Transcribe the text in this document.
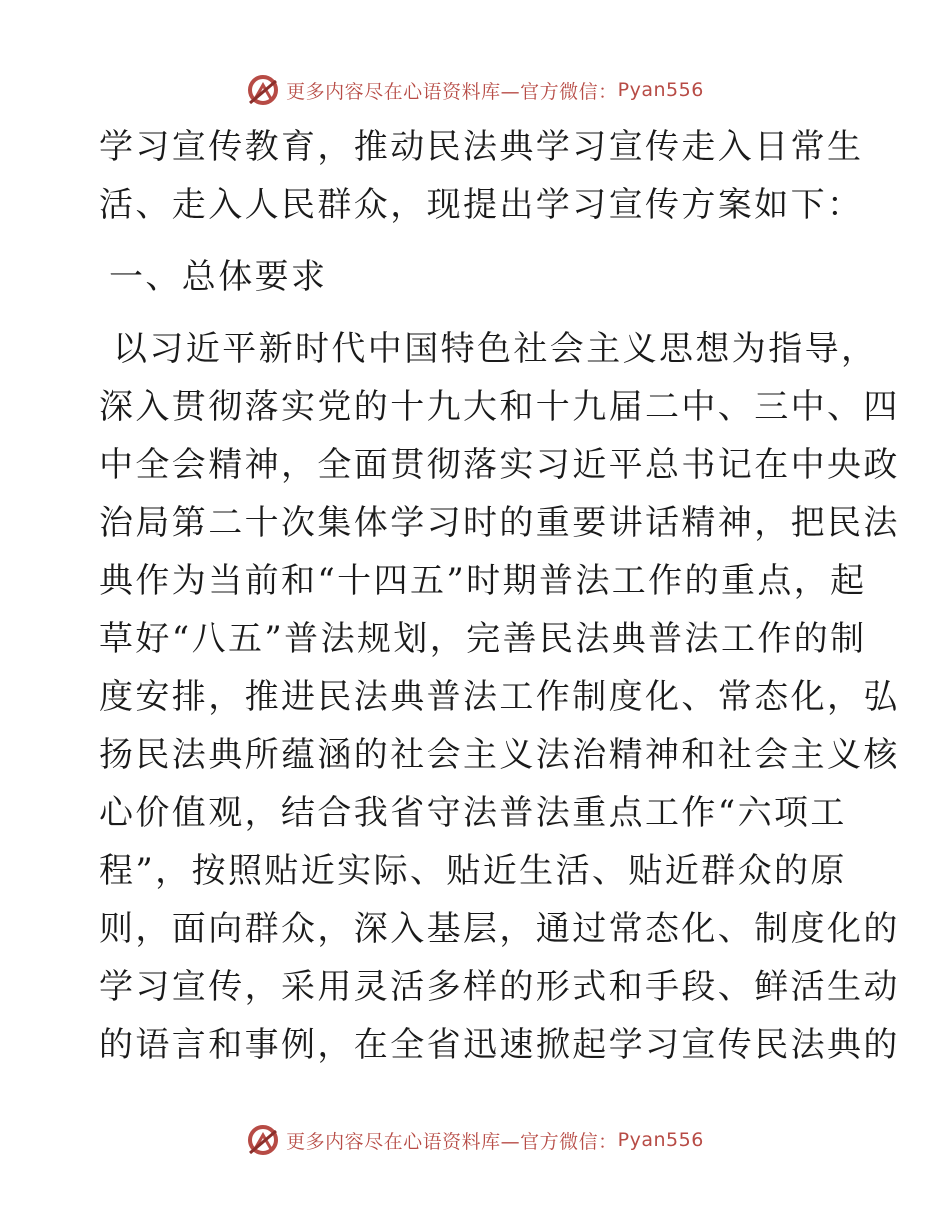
更多内容尽在心语资料库—官方微信： Pyan556
学习宣传教育，推动民法典学习宣传走入日常生
活、走入人民群众，现提出学习宣传方案如下：
一、总体要求
以习近平新时代中国特色社会主义思想为指导，
深入贯彻落实党的十九大和十九届二中、三中、四
中全会精神，全面贯彻落实习近平总书记在中央政
治局第二十次集体学习时的重要讲话精神，把民法
典作为当前和“十四五”时期普法工作的重点，起
草好“八五”普法规划，完善民法典普法工作的制
度安排，推进民法典普法工作制度化、常态化，弘
扬民法典所蕴涵的社会主义法治精神和社会主义核
心价值观，结合我省守法普法重点工作“六项工
程”，按照贴近实际、贴近生活、贴近群众的原
则，面向群众，深入基层，通过常态化、制度化的
学习宣传，采用灵活多样的形式和手段、鲜活生动
的语言和事例，在全省迅速掀起学习宣传民法典的
更多内容尽在心语资料库—官方微信： Pyan556
